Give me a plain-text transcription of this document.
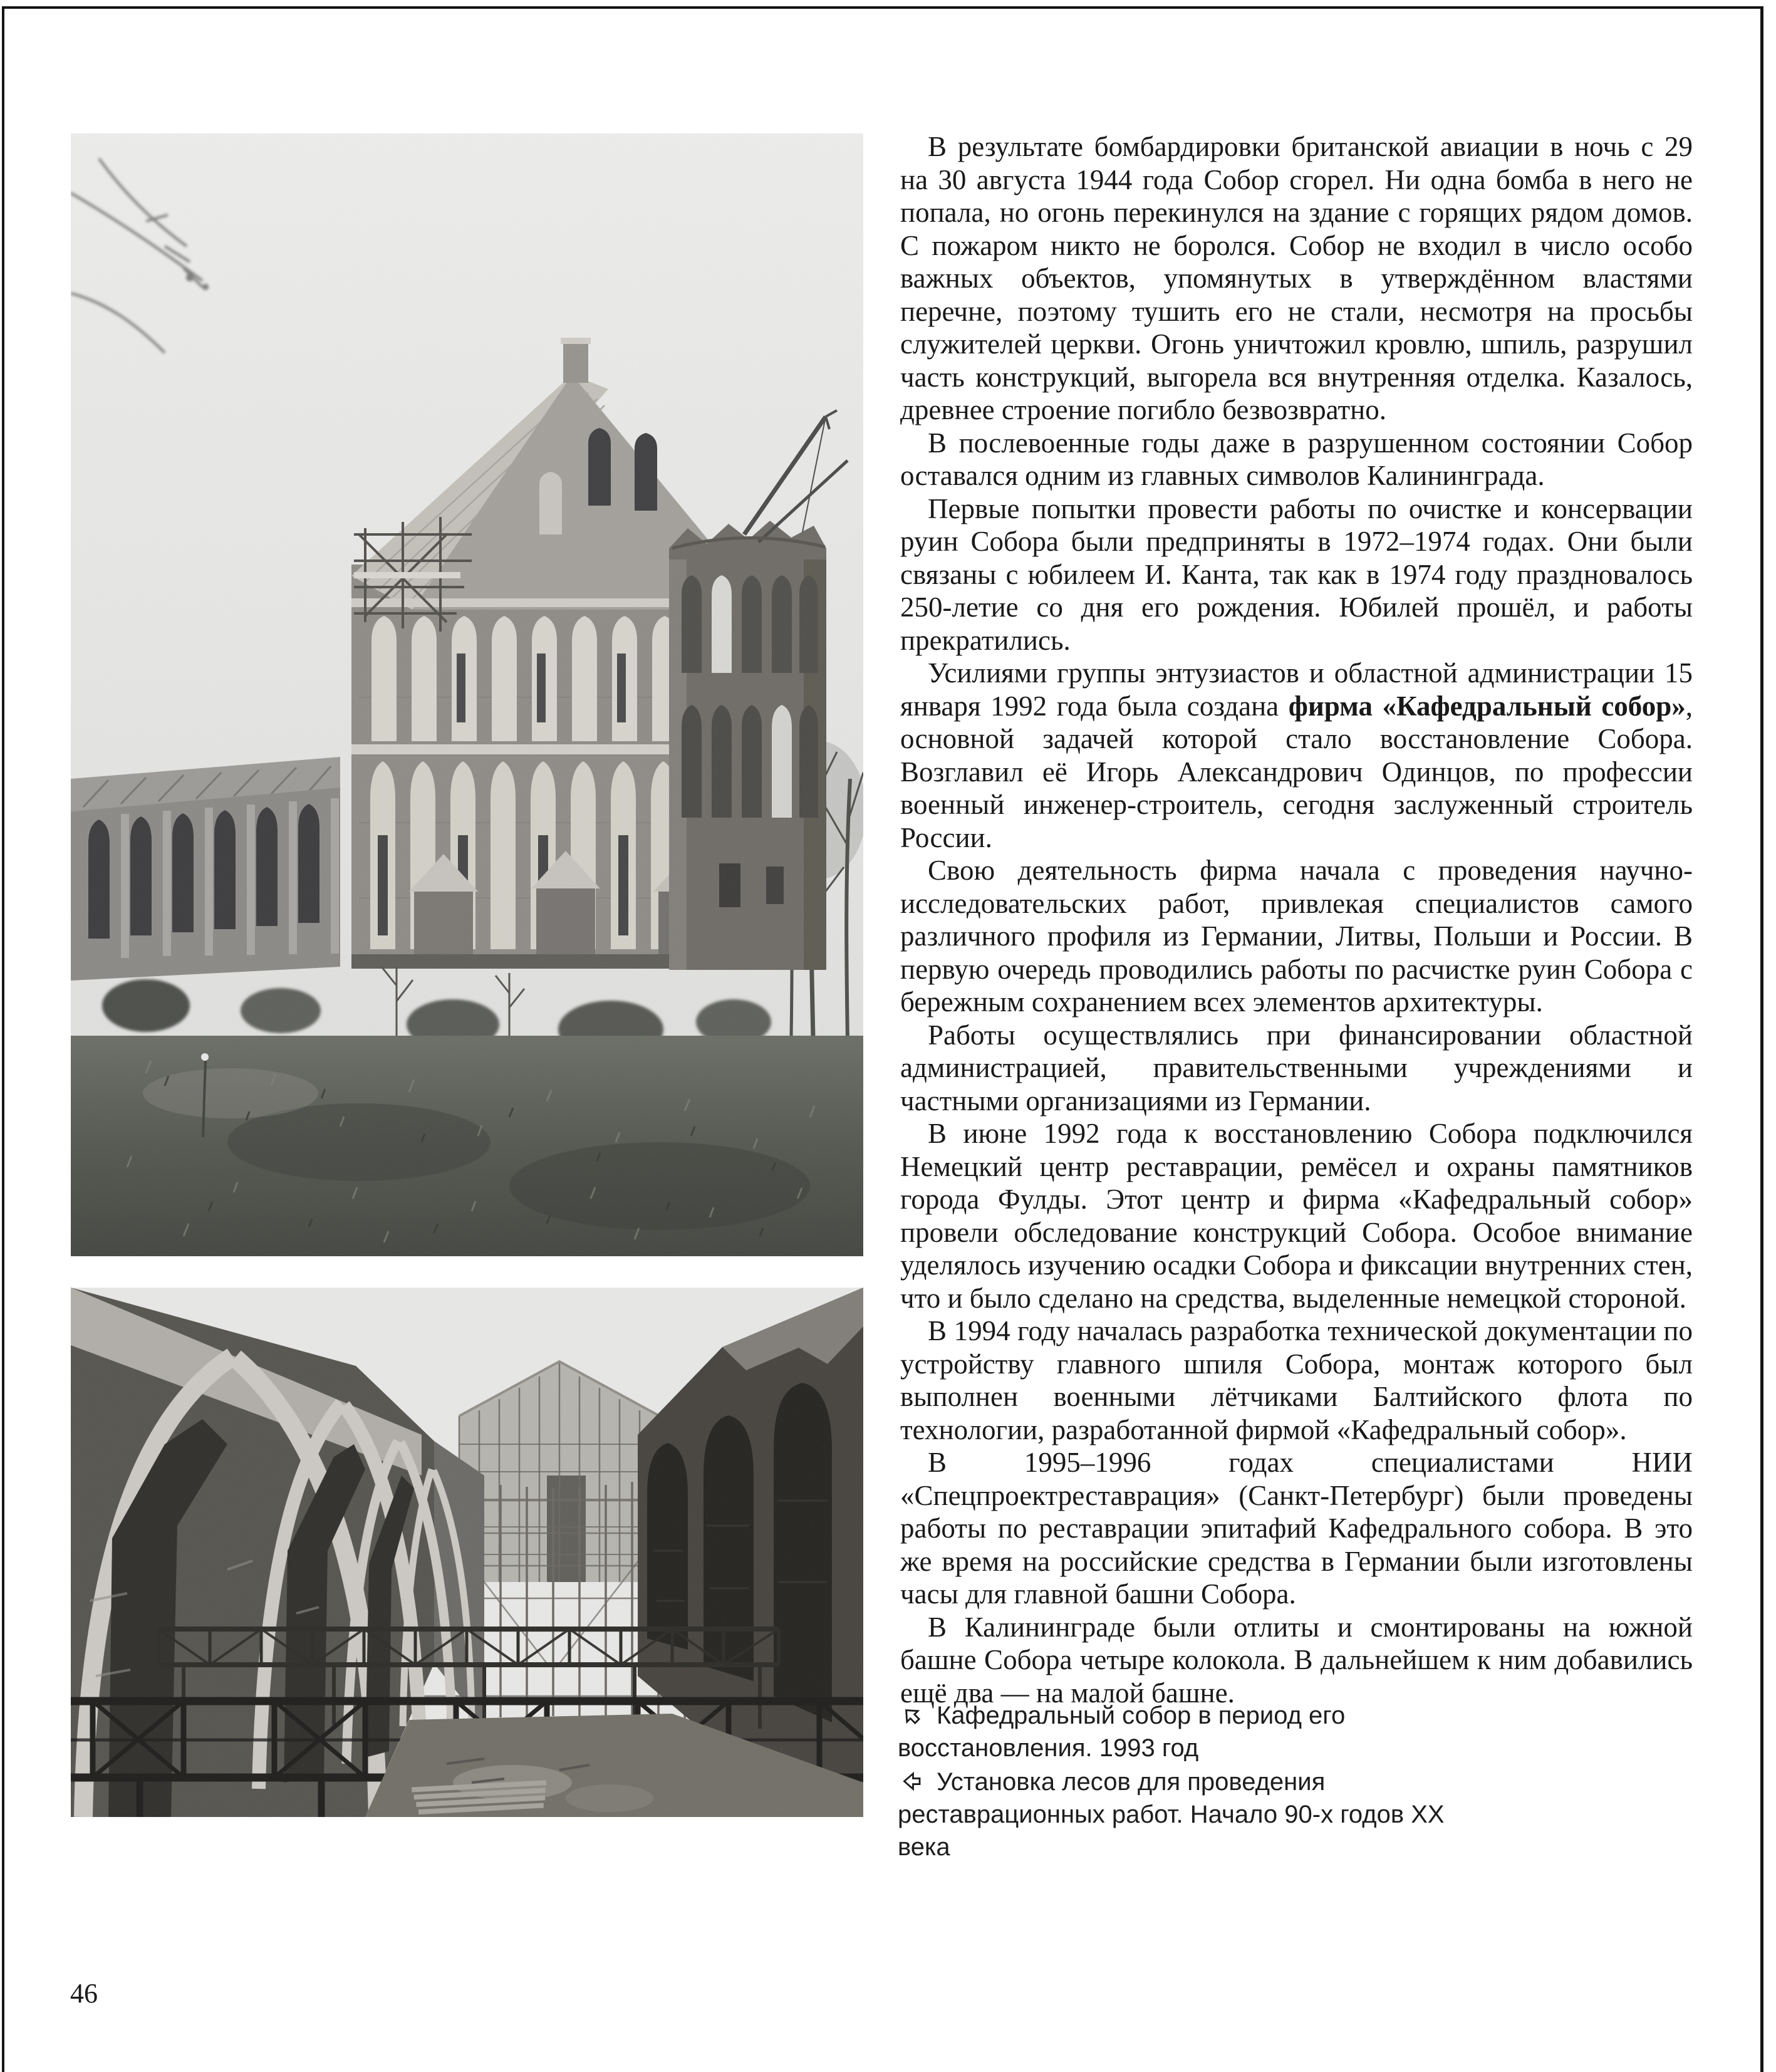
В результате бомбардировки британской авиации в ночь с 29 на 30 августа 1944 года Собор сгорел. Ни одна бомба в него не попала, но огонь перекинулся на здание с горящих рядом домов. С пожаром никто не боролся. Собор не входил в число особо важных объектов, упомянутых в утверждённом властями перечне, поэтому тушить его не стали, несмотря на просьбы служителей церкви. Огонь уничтожил кровлю, шпиль, разрушил часть конструкций, выгорела вся внутренняя отделка. Казалось, древнее строение погибло безвозвратно.

В послевоенные годы даже в разрушенном состоянии Собор оставался одним из главных символов Калининграда.

Первые попытки провести работы по очистке и консервации руин Собора были предприняты в 1972–1974 годах. Они были связаны с юбилеем И. Канта, так как в 1974 году праздновалось 250-летие со дня его рождения. Юбилей прошёл, и работы прекратились.

Усилиями группы энтузиастов и областной администрации 15 января 1992 года была создана фирма «Кафедральный собор», основной задачей которой стало восстановление Собора. Возглавил её Игорь Александрович Одинцов, по профессии военный инженер-строитель, сегодня заслуженный строитель России.

Свою деятельность фирма начала с проведения научно-исследовательских работ, привлекая специалистов самого различного профиля из Германии, Литвы, Польши и России. В первую очередь проводились работы по расчистке руин Собора с бережным сохранением всех элементов архитектуры.

Работы осуществлялись при финансировании областной администрацией, правительственными учреждениями и частными организациями из Германии.

В июне 1992 года к восстановлению Собора подключился Немецкий центр реставрации, ремёсел и охраны памятников города Фулды. Этот центр и фирма «Кафедральный собор» провели обследование конструкций Собора. Особое внимание уделялось изучению осадки Собора и фиксации внутренних стен, что и было сделано на средства, выделенные немецкой стороной.

В 1994 году началась разработка технической документации по устройству главного шпиля Собора, монтаж которого был выполнен военными лётчиками Балтийского флота по технологии, разработанной фирмой «Кафедральный собор».

В 1995–1996 годах специалистами НИИ «Спецпроектреставрация» (Санкт-Петербург) были проведены работы по реставрации эпитафий Кафедрального собора. В это же время на российские средства в Германии были изготовлены часы для главной башни Собора.

В Калининграде были отлиты и смонтированы на южной башне Собора четыре колокола. В дальнейшем к ним добавились ещё два — на малой башне.

Кафедральный собор в период его восстановления. 1993 год

Установка лесов для проведения реставрационных работ. Начало 90-х годов XX века

46
